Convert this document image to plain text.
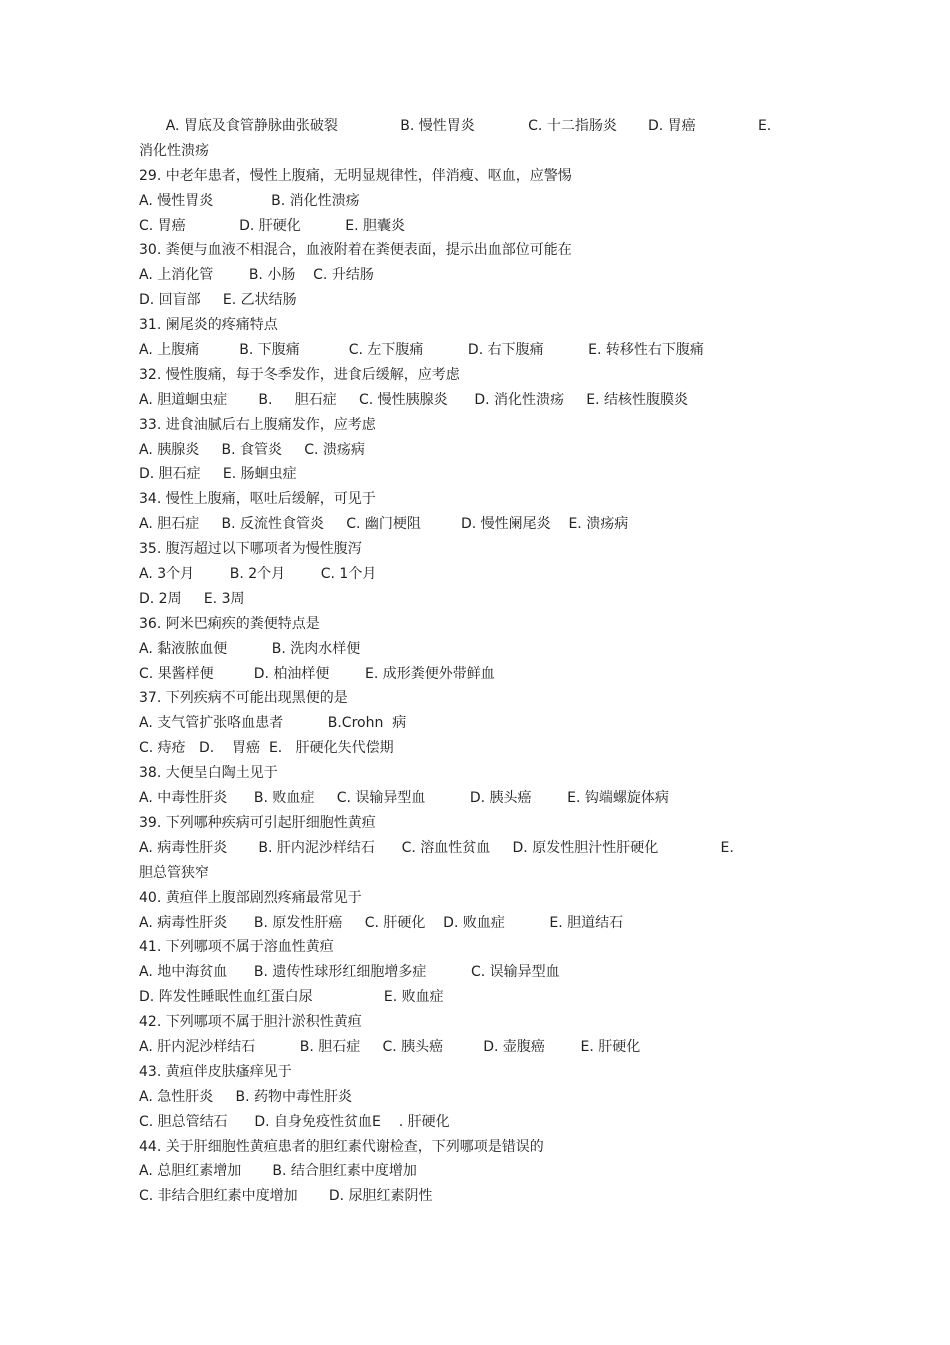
A. 胃底及食管静脉曲张破裂              B. 慢性胃炎            C. 十二指肠炎       D. 胃癌              E.
消化性溃疡
29. 中老年患者，慢性上腹痛，无明显规律性，伴消瘦、呕血，应警惕
A. 慢性胃炎             B. 消化性溃疡
C. 胃癌            D. 肝硬化          E. 胆囊炎
30. 粪便与血液不相混合，血液附着在粪便表面，提示出血部位可能在
A. 上消化管        B. 小肠    C. 升结肠
D. 回盲部     E. 乙状结肠
31. 阑尾炎的疼痛特点
A. 上腹痛         B. 下腹痛           C. 左下腹痛          D. 右下腹痛          E. 转移性右下腹痛
32. 慢性腹痛，每于冬季发作，进食后缓解，应考虑
A. 胆道蛔虫症       B.     胆石症     C. 慢性胰腺炎      D. 消化性溃疡     E. 结核性腹膜炎
33. 进食油腻后右上腹痛发作，应考虑
A. 胰腺炎     B. 食管炎     C. 溃疡病
D. 胆石症     E. 肠蛔虫症
34. 慢性上腹痛，呕吐后缓解，可见于
A. 胆石症     B. 反流性食管炎     C. 幽门梗阻         D. 慢性阑尾炎    E. 溃疡病
35. 腹泻超过以下哪项者为慢性腹泻
A. 3个月        B. 2个月        C. 1个月
D. 2周     E. 3周
36. 阿米巴痢疾的粪便特点是
A. 黏液脓血便          B. 洗肉水样便
C. 果酱样便         D. 柏油样便        E. 成形粪便外带鲜血
37. 下列疾病不可能出现黑便的是
A. 支气管扩张咯血患者          B.Crohn  病
C. 痔疮   D.    胃癌  E.   肝硬化失代偿期
38. 大便呈白陶土见于
A. 中毒性肝炎      B. 败血症     C. 误输异型血          D. 胰头癌        E. 钩端螺旋体病
39. 下列哪种疾病可引起肝细胞性黄疸
A. 病毒性肝炎       B. 肝内泥沙样结石      C. 溶血性贫血     D. 原发性胆汁性肝硬化              E.
胆总管狭窄
40. 黄疸伴上腹部剧烈疼痛最常见于
A. 病毒性肝炎      B. 原发性肝癌     C. 肝硬化    D. 败血症          E. 胆道结石
41. 下列哪项不属于溶血性黄疸
A. 地中海贫血      B. 遗传性球形红细胞增多症          C. 误输异型血
D. 阵发性睡眠性血红蛋白尿                E. 败血症
42. 下列哪项不属于胆汁淤积性黄疸
A. 肝内泥沙样结石          B. 胆石症     C. 胰头癌         D. 壶腹癌        E. 肝硬化
43. 黄疸伴皮肤瘙痒见于
A. 急性肝炎     B. 药物中毒性肝炎
C. 胆总管结石      D. 自身免疫性贫血E    . 肝硬化
44. 关于肝细胞性黄疸患者的胆红素代谢检查，下列哪项是错误的
A. 总胆红素增加       B. 结合胆红素中度增加
C. 非结合胆红素中度增加       D. 尿胆红素阴性
